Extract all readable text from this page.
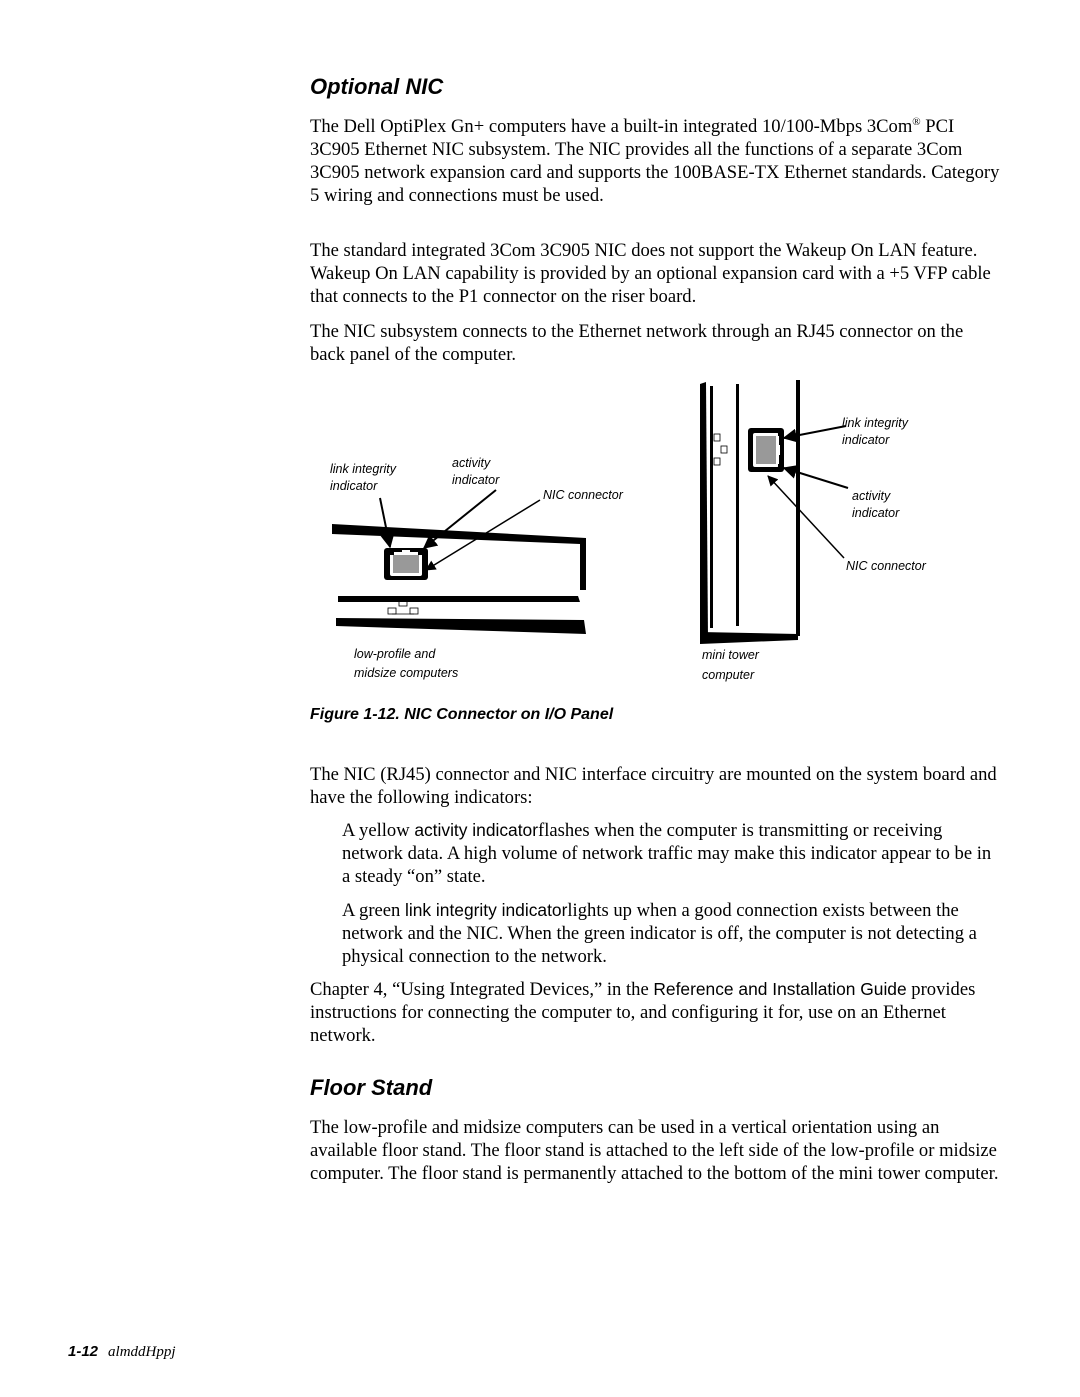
Optional NIC

The Dell OptiPlex Gn+ computers have a built-in integrated 10/100-Mbps 3Com® PCI 3C905 Ethernet NIC subsystem. The NIC provides all the functions of a separate 3Com 3C905 network expansion card and supports the 100BASE-TX Ethernet standards. Category 5 wiring and connections must be used.

The standard integrated 3Com 3C905 NIC does not support the Wakeup On LAN feature. Wakeup On LAN capability is provided by an optional expansion card with a +5 VFP cable that connects to the P1 connector on the riser board.

The NIC subsystem connects to the Ethernet network through an RJ45 connector on the back panel of the computer.

link integrity
indicator
activity
indicator
NIC connector
low-profile and
midsize computers
link integrity
indicator
activity
indicator
NIC connector
mini tower
computer

Figure 1-12. NIC Connector on I/O Panel

The NIC (RJ45) connector and NIC interface circuitry are mounted on the system board and have the following indicators:

A yellow activity indicatorflashes when the computer is transmitting or receiving network data. A high volume of network traffic may make this indicator appear to be in a steady “on” state.

A green link integrity indicatorlights up when a good connection exists between the network and the NIC. When the green indicator is off, the computer is not detecting a physical connection to the network.

Chapter 4, “Using Integrated Devices,” in the Reference and Installation Guide provides instructions for connecting the computer to, and configuring it for, use on an Ethernet network.

Floor Stand

The low-profile and midsize computers can be used in a vertical orientation using an available floor stand. The floor stand is attached to the left side of the low-profile or midsize computer. The floor stand is permanently attached to the bottom of the mini tower computer.

1-12 almddHppj
